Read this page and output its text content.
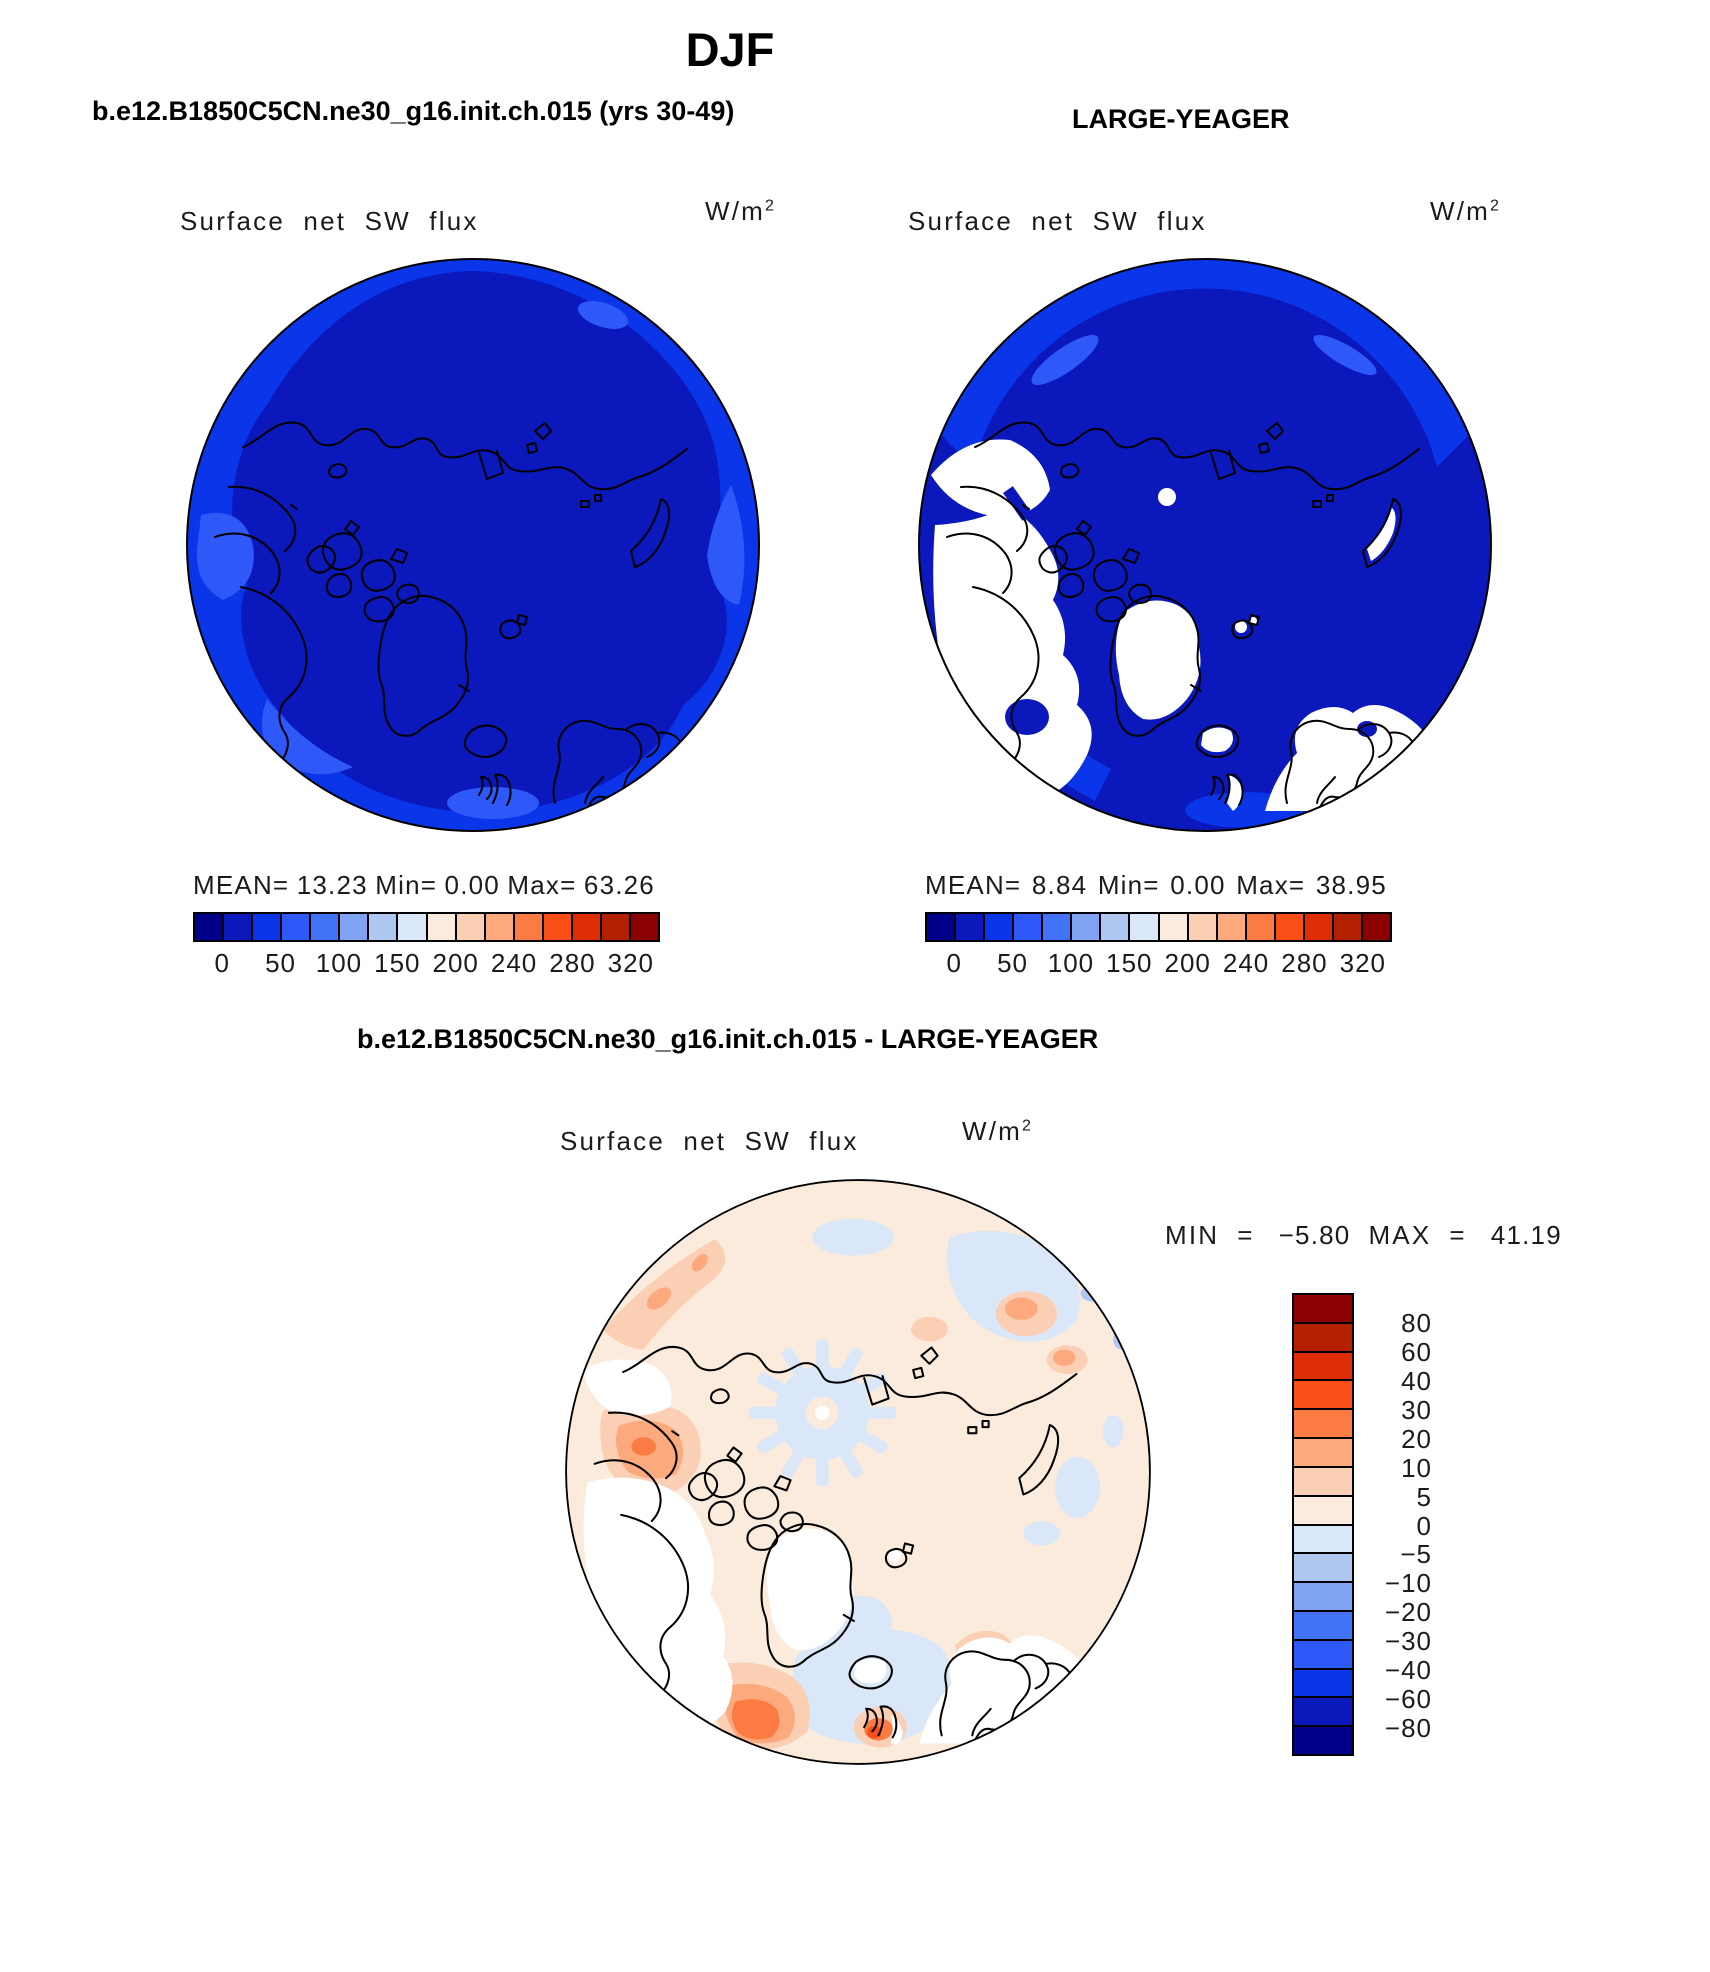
DJF
b.e12.B1850C5CN.ne30_g16.init.ch.015 (yrs 30-49)	LARGE-YEAGER
Surface net SW flux	$W/m^2$
Surface net SW flux	$W/m^2$
MEAN= 13.23 Min= 0.00 Max= 63.26
0 50 100 150 200 240 280 320
MEAN= 8.84 Min= 0.00 Max= 38.95
0 50 100 150 200 240 280 320
b.e12.B1850C5CN.ne30_g16.init.ch.015 - LARGE-YEAGER
Surface net SW flux	$W/m^2$
MIN = −5.80 MAX = 41.19
80
60
40
30
20
10
5
0
−5
−10
−20
−30
−40
−60
−80
